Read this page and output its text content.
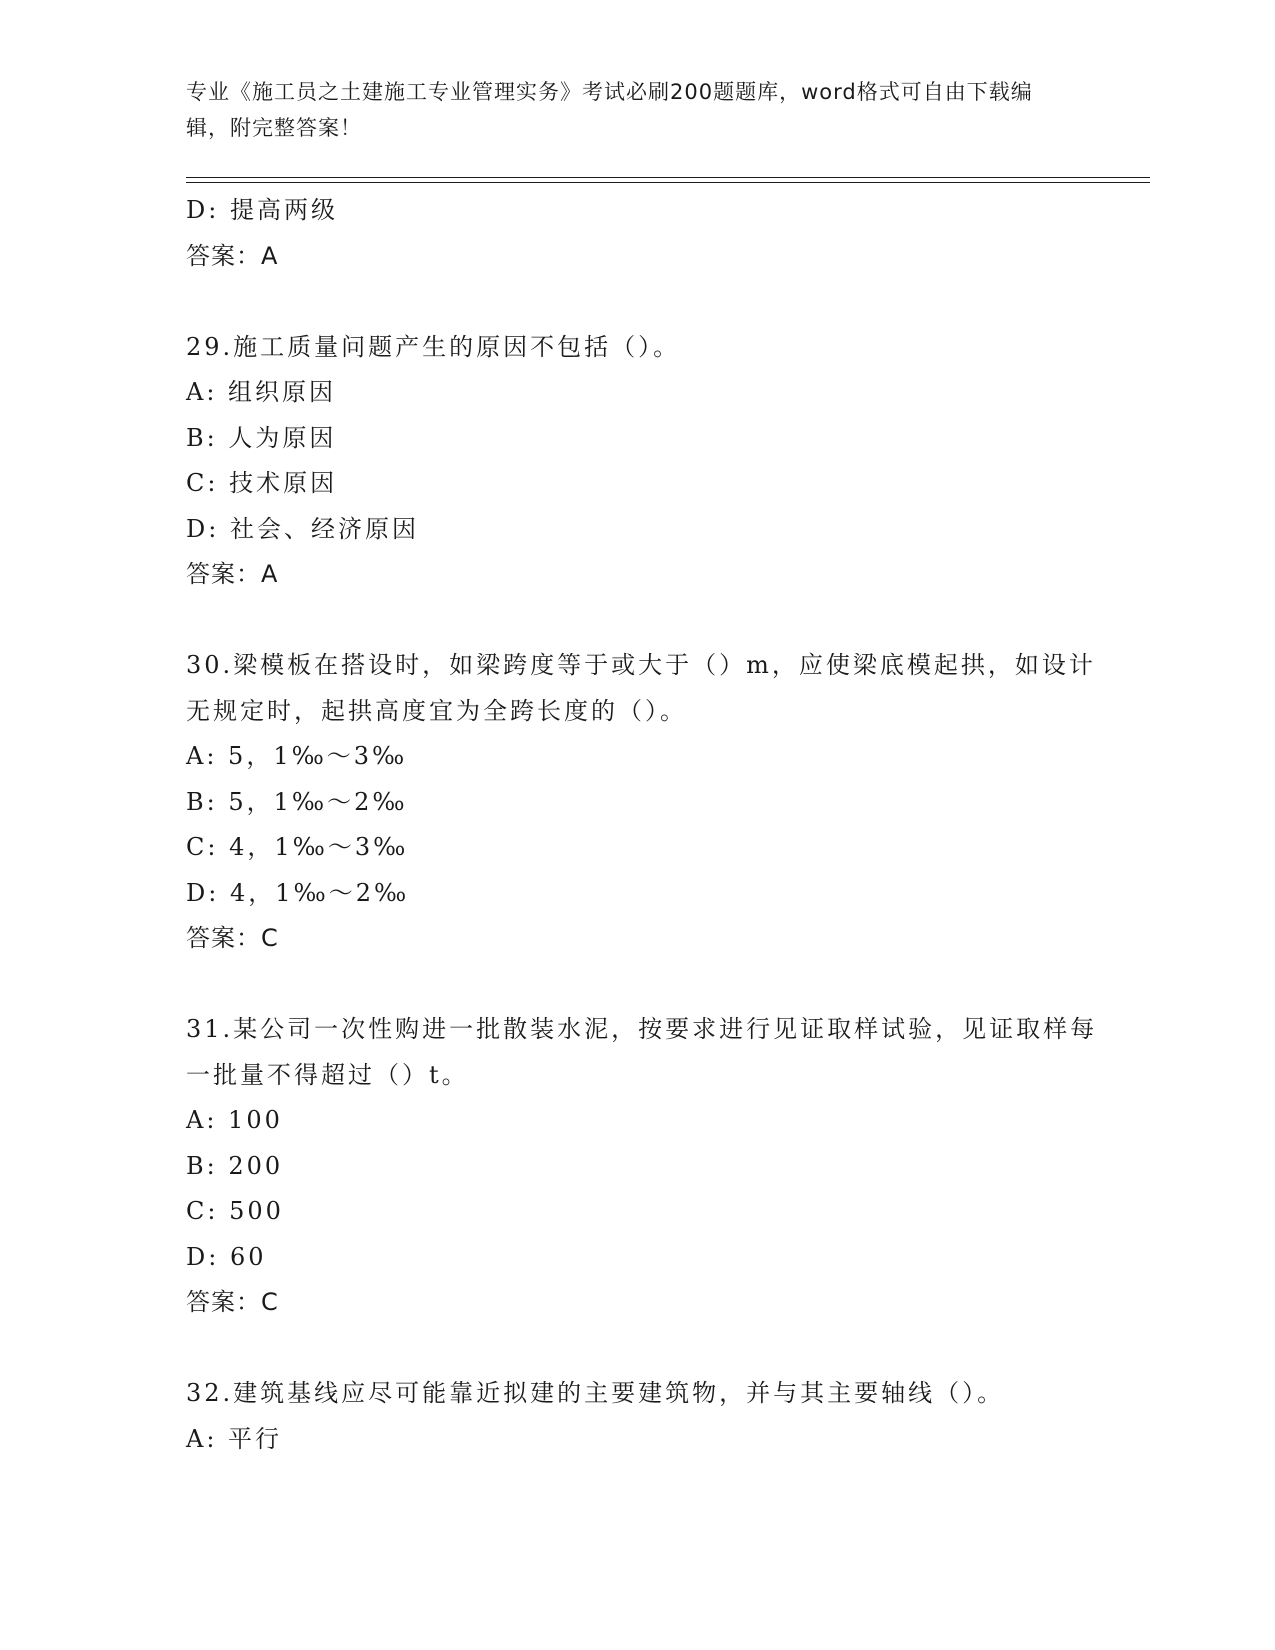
专业《施工员之土建施工专业管理实务》考试必刷200题题库，word格式可自由下载编辑，附完整答案！
D: 提高两级
答案：A
29.施工质量问题产生的原因不包括（）。
A: 组织原因
B: 人为原因
C: 技术原因
D: 社会、经济原因
答案：A
30.梁模板在搭设时，如梁跨度等于或大于（）m，应使梁底模起拱，如设计无规定时，起拱高度宜为全跨长度的（）。
A: 5，1‰～3‰
B: 5，1‰～2‰
C: 4，1‰～3‰
D: 4，1‰～2‰
答案：C
31.某公司一次性购进一批散装水泥，按要求进行见证取样试验，见证取样每一批量不得超过（）t。
A: 100
B: 200
C: 500
D: 60
答案：C
32.建筑基线应尽可能靠近拟建的主要建筑物，并与其主要轴线（）。
A: 平行
